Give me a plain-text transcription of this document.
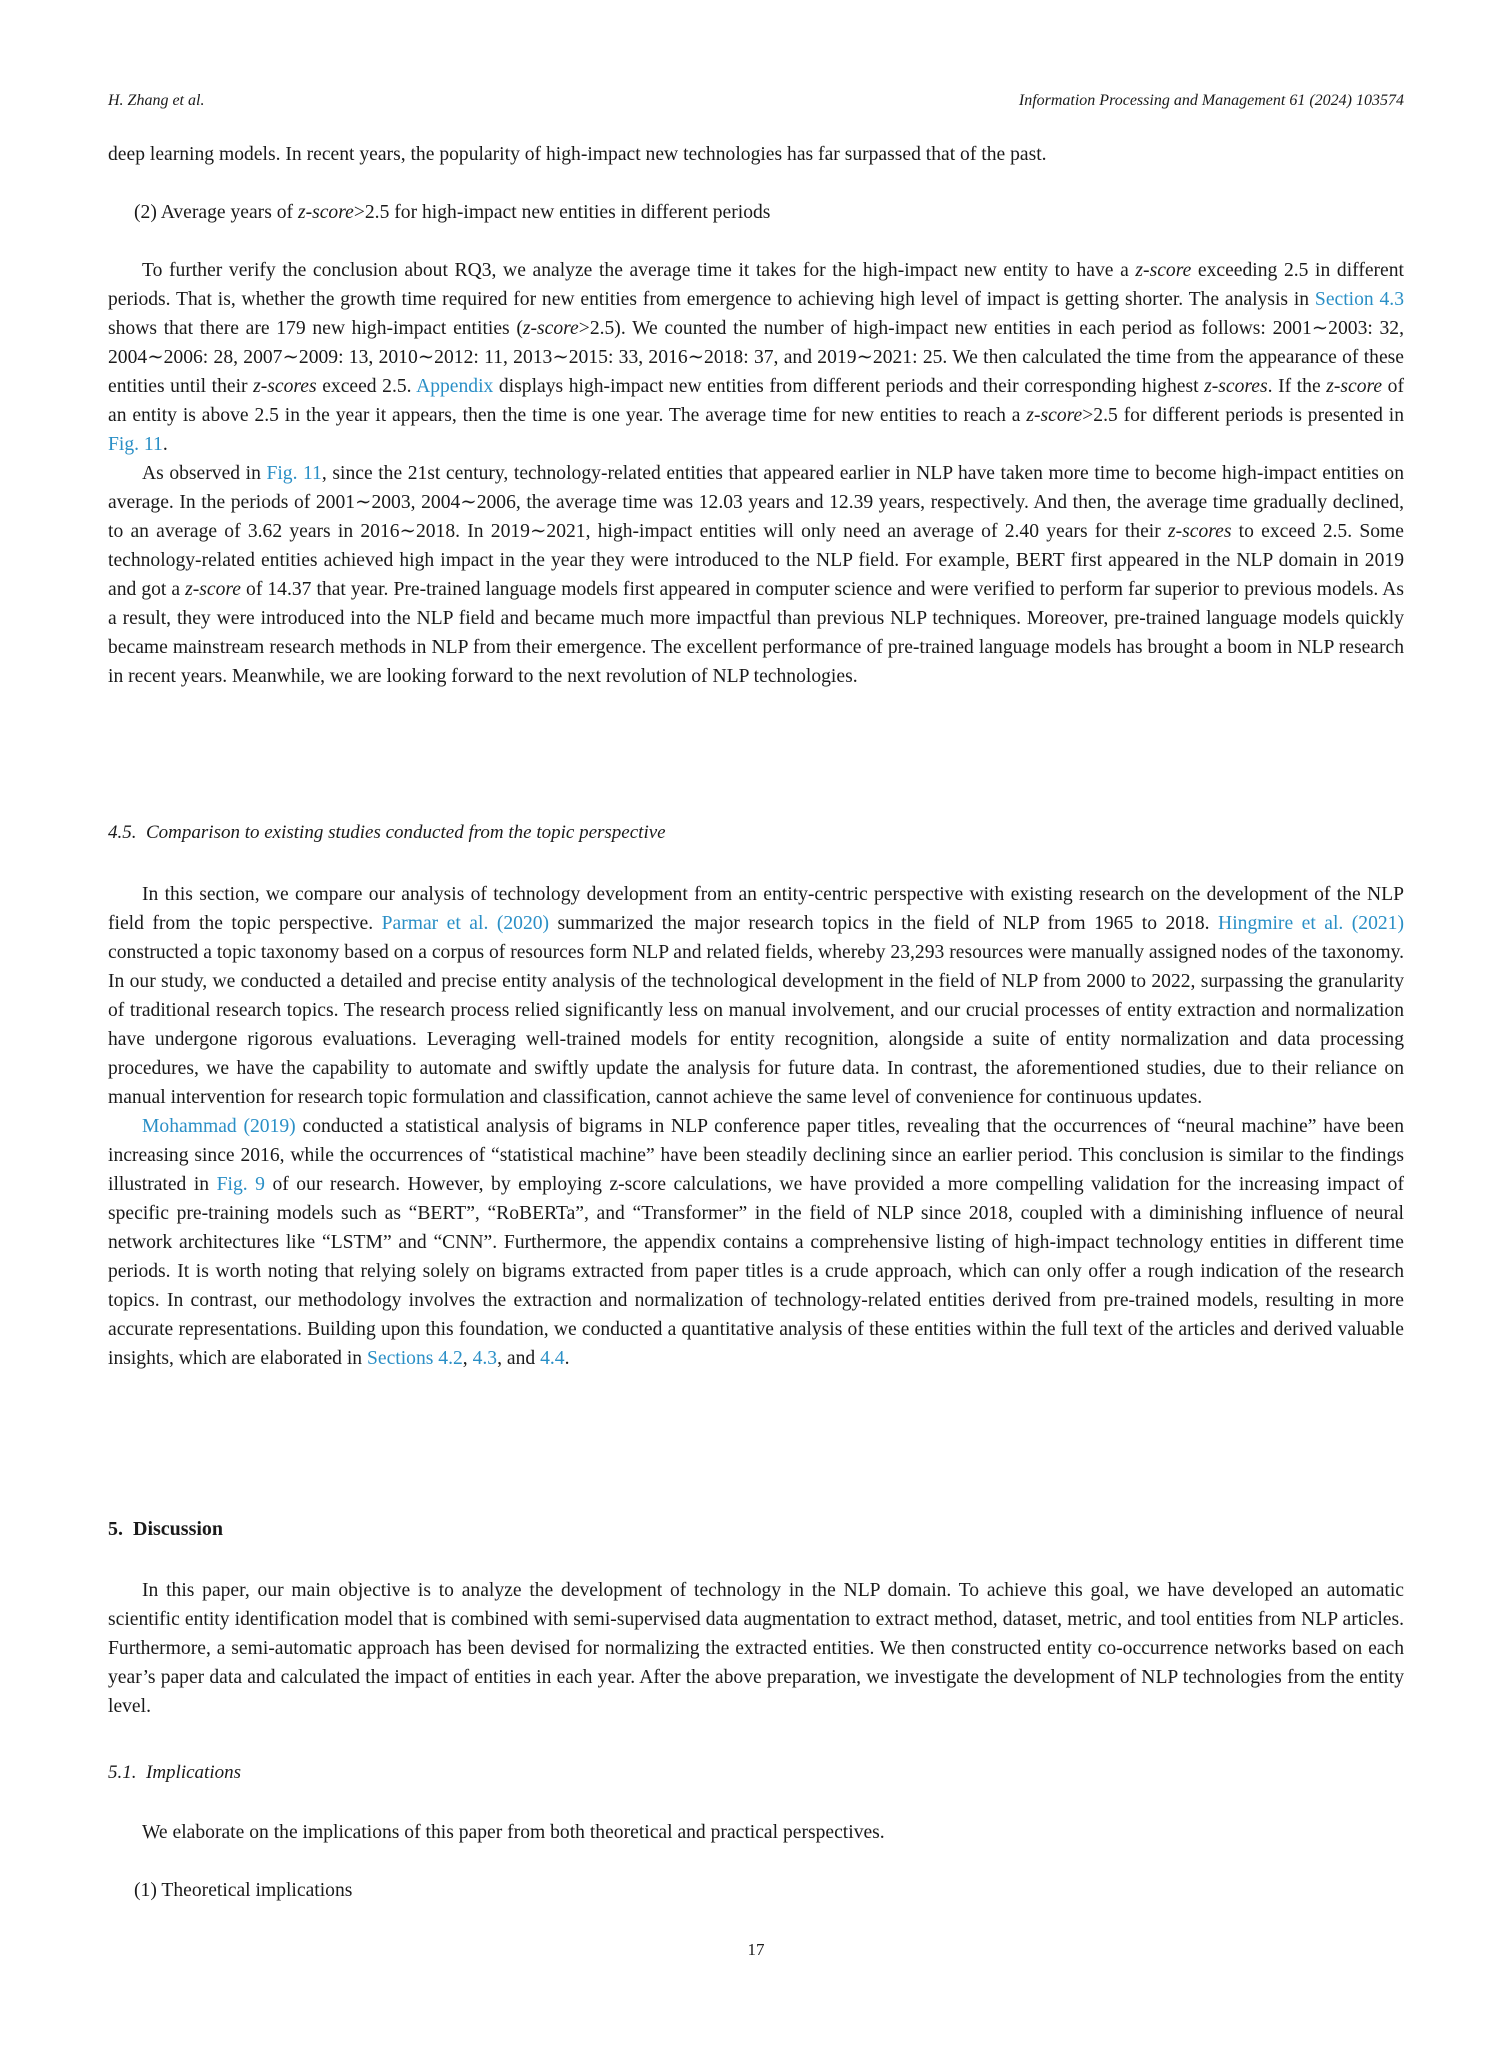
H. Zhang et al.	Information Processing and Management 61 (2024) 103574

deep learning models. In recent years, the popularity of high-impact new technologies has far surpassed that of the past.

(2) Average years of z-score>2.5 for high-impact new entities in different periods

To further verify the conclusion about RQ3, we analyze the average time it takes for the high-impact new entity to have a z-score exceeding 2.5 in different periods. That is, whether the growth time required for new entities from emergence to achieving high level of impact is getting shorter. The analysis in Section 4.3 shows that there are 179 new high-impact entities (z-score>2.5). We counted the number of high-impact new entities in each period as follows: 2001∼2003: 32, 2004∼2006: 28, 2007∼2009: 13, 2010∼2012: 11, 2013∼2015: 33, 2016∼2018: 37, and 2019∼2021: 25. We then calculated the time from the appearance of these entities until their z-scores exceed 2.5. Appendix displays high-impact new entities from different periods and their corresponding highest z-scores. If the z-score of an entity is above 2.5 in the year it appears, then the time is one year. The average time for new entities to reach a z-score>2.5 for different periods is presented in Fig. 11.

As observed in Fig. 11, since the 21st century, technology-related entities that appeared earlier in NLP have taken more time to become high-impact entities on average. In the periods of 2001∼2003, 2004∼2006, the average time was 12.03 years and 12.39 years, respectively. And then, the average time gradually declined, to an average of 3.62 years in 2016∼2018. In 2019∼2021, high-impact entities will only need an average of 2.40 years for their z-scores to exceed 2.5. Some technology-related entities achieved high impact in the year they were introduced to the NLP field. For example, BERT first appeared in the NLP domain in 2019 and got a z-score of 14.37 that year. Pre-trained language models first appeared in computer science and were verified to perform far superior to previous models. As a result, they were introduced into the NLP field and became much more impactful than previous NLP techniques. Moreover, pre-trained language models quickly became mainstream research methods in NLP from their emergence. The excellent performance of pre-trained language models has brought a boom in NLP research in recent years. Meanwhile, we are looking forward to the next revolution of NLP technologies.

4.5. Comparison to existing studies conducted from the topic perspective

In this section, we compare our analysis of technology development from an entity-centric perspective with existing research on the development of the NLP field from the topic perspective. Parmar et al. (2020) summarized the major research topics in the field of NLP from 1965 to 2018. Hingmire et al. (2021) constructed a topic taxonomy based on a corpus of resources form NLP and related fields, whereby 23,293 resources were manually assigned nodes of the taxonomy. In our study, we conducted a detailed and precise entity analysis of the technological development in the field of NLP from 2000 to 2022, surpassing the granularity of traditional research topics. The research process relied significantly less on manual involvement, and our crucial processes of entity extraction and normalization have undergone rigorous evaluations. Leveraging well-trained models for entity recognition, alongside a suite of entity normalization and data processing procedures, we have the capability to automate and swiftly update the analysis for future data. In contrast, the aforementioned studies, due to their reliance on manual intervention for research topic formulation and classification, cannot achieve the same level of convenience for continuous updates.

Mohammad (2019) conducted a statistical analysis of bigrams in NLP conference paper titles, revealing that the occurrences of “neural machine” have been increasing since 2016, while the occurrences of “statistical machine” have been steadily declining since an earlier period. This conclusion is similar to the findings illustrated in Fig. 9 of our research. However, by employing z-score calculations, we have provided a more compelling validation for the increasing impact of specific pre-training models such as “BERT”, “RoBERTa”, and “Transformer” in the field of NLP since 2018, coupled with a diminishing influence of neural network architectures like “LSTM” and “CNN”. Furthermore, the appendix contains a comprehensive listing of high-impact technology entities in different time periods. It is worth noting that relying solely on bigrams extracted from paper titles is a crude approach, which can only offer a rough indication of the research topics. In contrast, our methodology involves the extraction and normalization of technology-related entities derived from pre-trained models, resulting in more accurate representations. Building upon this foundation, we conducted a quantitative analysis of these entities within the full text of the articles and derived valuable insights, which are elaborated in Sections 4.2, 4.3, and 4.4.

5. Discussion

In this paper, our main objective is to analyze the development of technology in the NLP domain. To achieve this goal, we have developed an automatic scientific entity identification model that is combined with semi-supervised data augmentation to extract method, dataset, metric, and tool entities from NLP articles. Furthermore, a semi-automatic approach has been devised for normalizing the extracted entities. We then constructed entity co-occurrence networks based on each year’s paper data and calculated the impact of entities in each year. After the above preparation, we investigate the development of NLP technologies from the entity level.

5.1. Implications

We elaborate on the implications of this paper from both theoretical and practical perspectives.

(1) Theoretical implications
17
